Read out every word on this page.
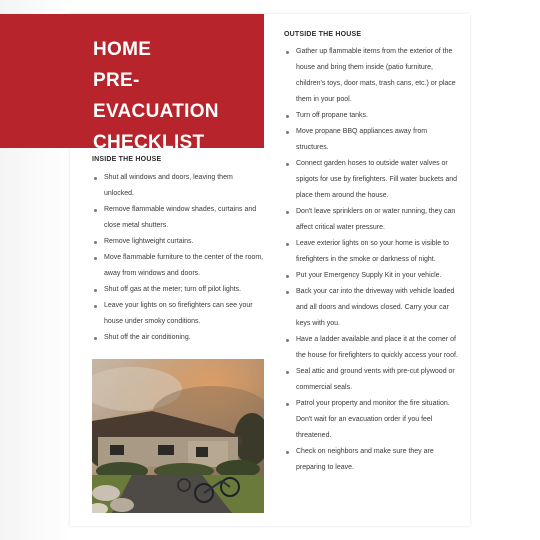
HOME
PRE-EVACUATION
CHECKLIST
INSIDE THE HOUSE
Shut all windows and doors, leaving them unlocked.
Remove flammable window shades, curtains and close metal shutters.
Remove lightweight curtains.
Move flammable furniture to the center of the room, away from windows and doors.
Shut off gas at the meter; turn off pilot lights.
Leave your lights on so firefighters can see your house under smoky conditions.
Shut off the air conditioning.
OUTSIDE THE HOUSE
Gather up flammable items from the exterior of the house and bring them inside (patio furniture, children's toys, door mats, trash cans, etc.) or place them in your pool.
Turn off propane tanks.
Move propane BBQ appliances away from structures.
Connect garden hoses to outside water valves or spigots for use by firefighters. Fill water buckets and place them around the house.
Don't leave sprinklers on or water running, they can affect critical water pressure.
Leave exterior lights on so your home is visible to firefighters in the smoke or darkness of night.
Put your Emergency Supply Kit in your vehicle.
Back your car into the driveway with vehicle loaded and all doors and windows closed. Carry your car keys with you.
Have a ladder available and place it at the corner of the house for firefighters to quickly access your roof.
Seal attic and ground vents with pre-cut plywood or commercial seals.
Patrol your property and monitor the fire situation. Don't wait for an evacuation order if you feel threatened.
Check on neighbors and make sure they are preparing to leave.
